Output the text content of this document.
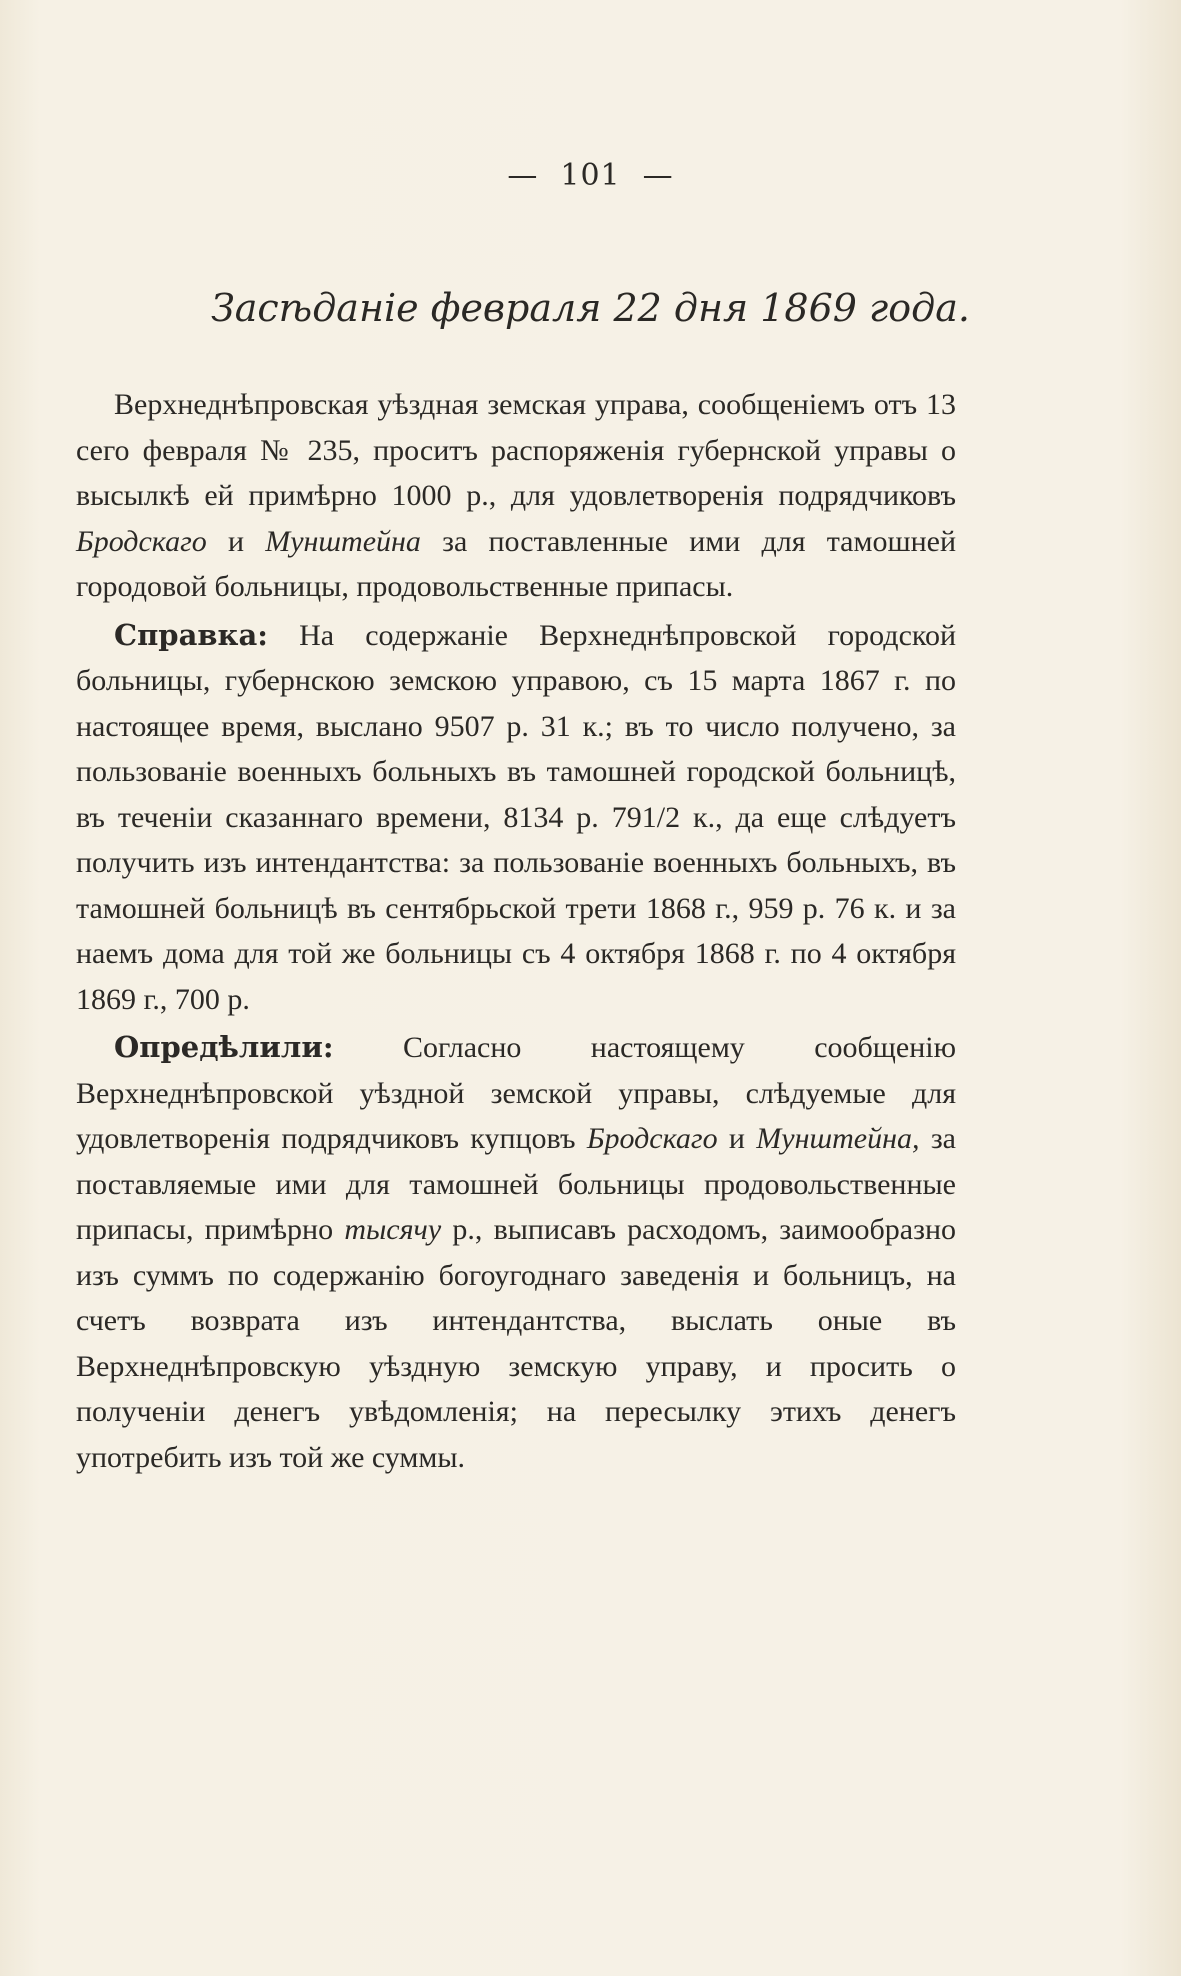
— 101 —
Засѣданіе февраля 22 дня 1869 года.

Верхнеднѣпровская уѣздная земская управа, сообщеніемъ отъ 13 сего февраля № 235, проситъ распоряженія губернской управы о высылкѣ ей примѣрно 1000 р., для удовлетворенія подрядчиковъ Бродскаго и Мунштейна за поставленные ими для тамошней городовой больницы, продовольственные припасы.

Справка: На содержаніе Верхнеднѣпровской городской больницы, губернскою земскою управою, съ 15 марта 1867 г. по настоящее время, выслано 9507 р. 31 к.; въ то число получено, за пользованіе военныхъ больныхъ въ тамошней городской больницѣ, въ теченіи сказаннаго времени, 8134 р. 791/2 к., да еще слѣдуетъ получить изъ интендантства: за пользованіе военныхъ больныхъ, въ тамошней больницѣ въ сентябрьской трети 1868 г., 959 р. 76 к. и за наемъ дома для той же больницы съ 4 октября 1868 г. по 4 октября 1869 г., 700 р.

Опредѣлили: Согласно настоящему сообщенію Верхнеднѣпровской уѣздной земской управы, слѣдуемые для удовлетворенія подрядчиковъ купцовъ Бродскаго и Мунштейна, за поставляемые ими для тамошней больницы продовольственные припасы, примѣрно тысячу р., выписавъ расходомъ, заимообразно изъ суммъ по содержанію богоугоднаго заведенія и больницъ, на счетъ возврата изъ интендантства, выслать оные въ Верхнеднѣпровскую уѣздную земскую управу, и просить о полученіи денегъ увѣдомленія; на пересылку этихъ денегъ употребить изъ той же суммы.
